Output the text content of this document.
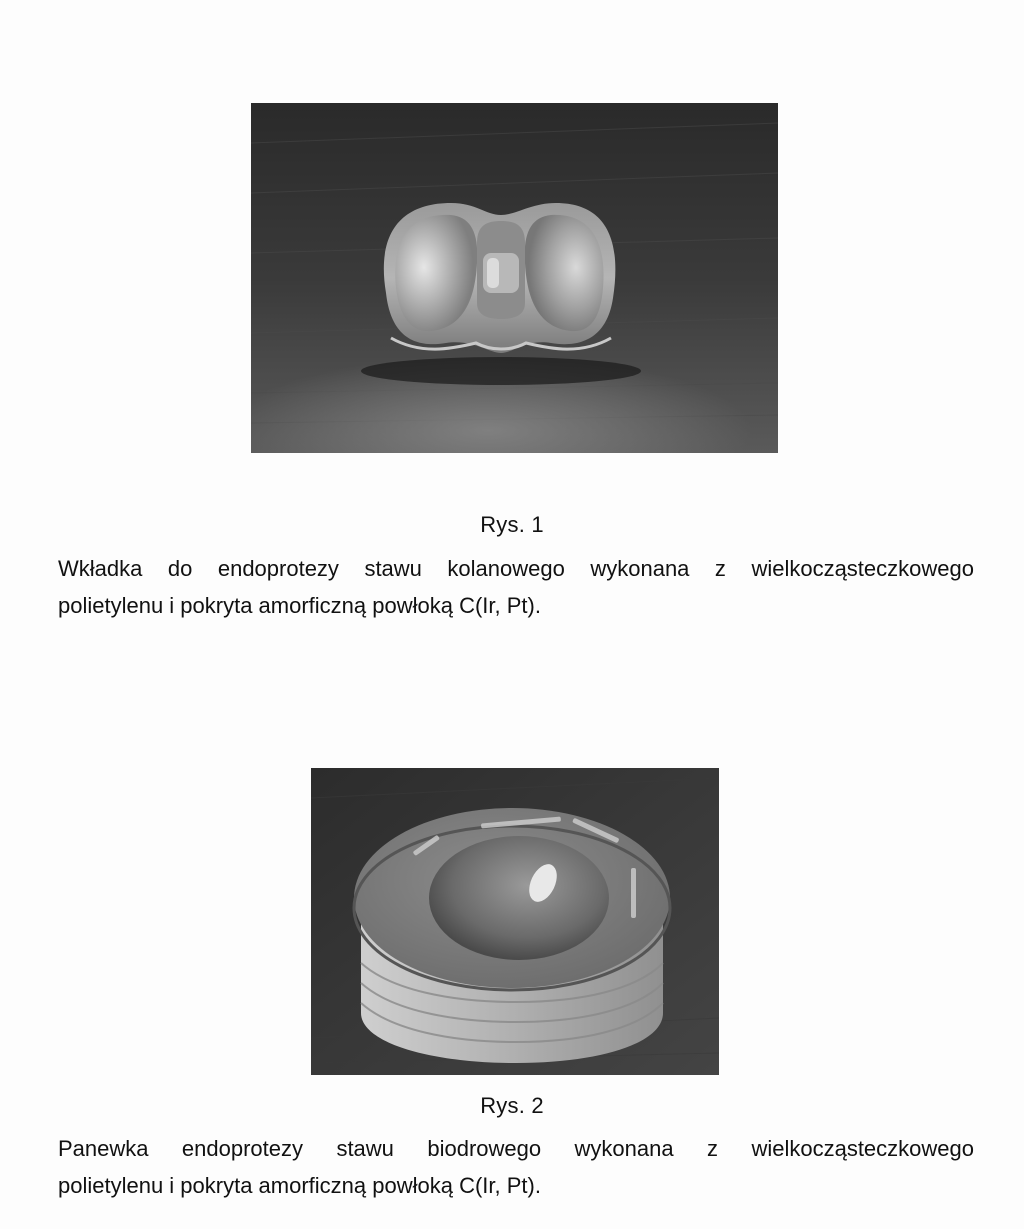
Rys. 1
Wkładka do endoprotezy stawu kolanowego wykonana z wielkocząsteczkowego
polietylenu i pokryta amorficzną powłoką C(Ir, Pt).
Rys. 2
Panewka endoprotezy stawu biodrowego wykonana z wielkocząsteczkowego
polietylenu i pokryta amorficzną powłoką C(Ir, Pt).
